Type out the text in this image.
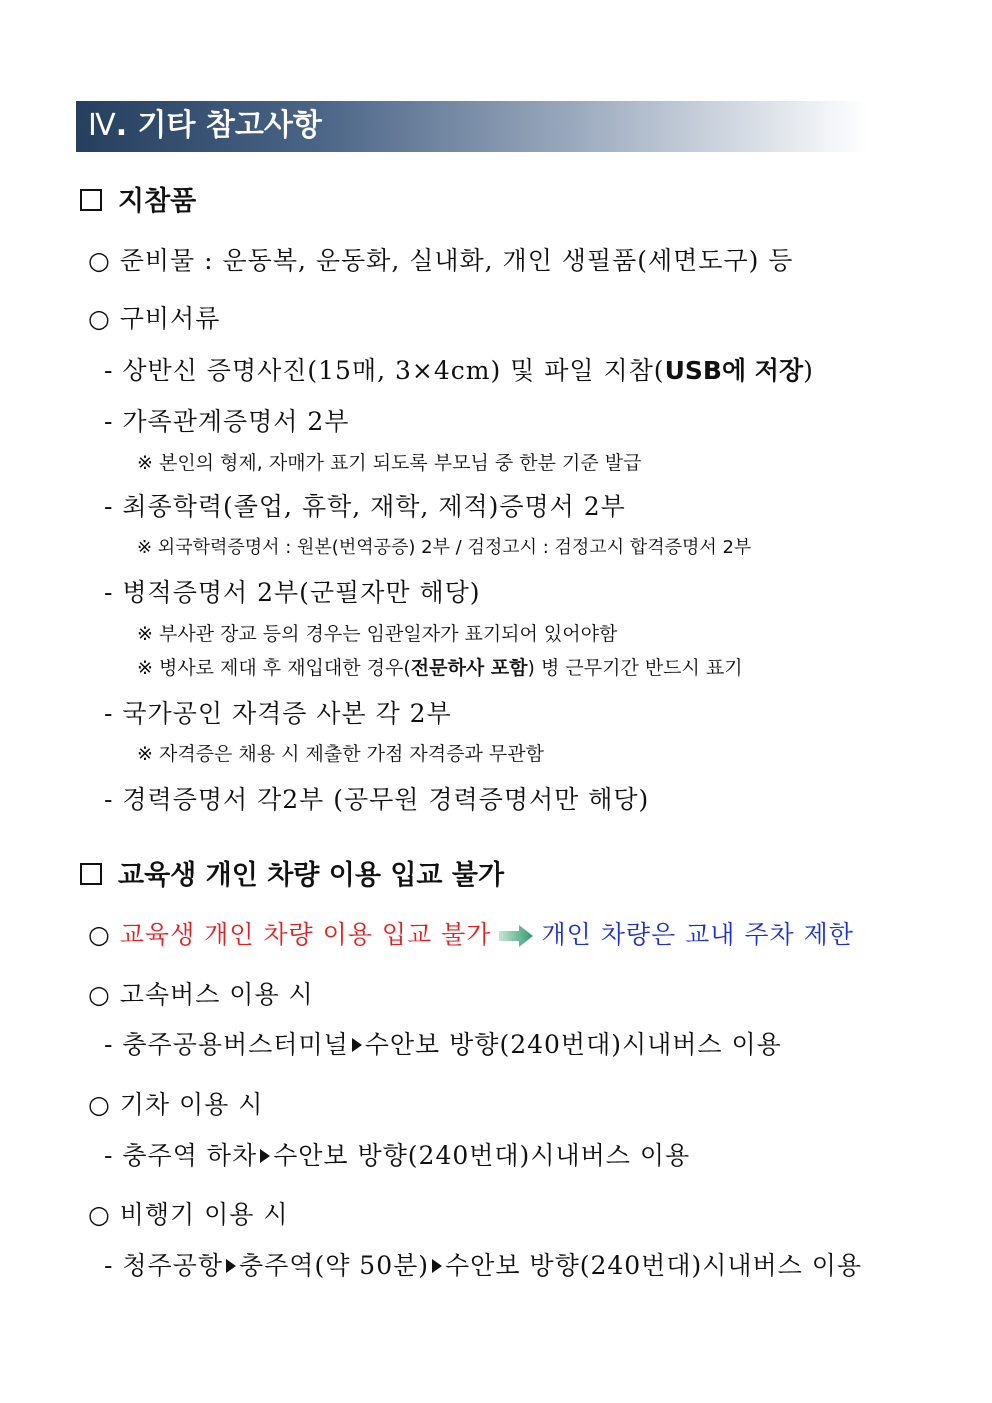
Ⅳ. 기타 참고사항
지참품
○ 준비물 : 운동복, 운동화, 실내화, 개인 생필품(세면도구) 등
○ 구비서류
- 상반신 증명사진(15매, 3×4cm) 및 파일 지참(USB에 저장)
- 가족관계증명서 2부
※ 본인의 형제, 자매가 표기 되도록 부모님 중 한분 기준 발급
- 최종학력(졸업, 휴학, 재학, 제적)증명서 2부
※ 외국학력증명서 : 원본(번역공증) 2부 / 검정고시 : 검정고시 합격증명서 2부
- 병적증명서 2부(군필자만 해당)
※ 부사관 장교 등의 경우는 임관일자가 표기되어 있어야함
※ 병사로 제대 후 재입대한 경우(전문하사 포함) 병 근무기간 반드시 표기
- 국가공인 자격증 사본 각 2부
※ 자격증은 채용 시 제출한 가점 자격증과 무관함
- 경력증명서 각2부 (공무원 경력증명서만 해당)
교육생 개인 차량 이용 입교 불가
○ 교육생 개인 차량 이용 입교 불가 개인 차량은 교내 주차 제한
○ 고속버스 이용 시
- 충주공용버스터미널 수안보 방향(240번대)시내버스 이용
○ 기차 이용 시
- 충주역 하차 수안보 방향(240번대)시내버스 이용
○ 비행기 이용 시
- 청주공항 충주역(약 50분) 수안보 방향(240번대)시내버스 이용
